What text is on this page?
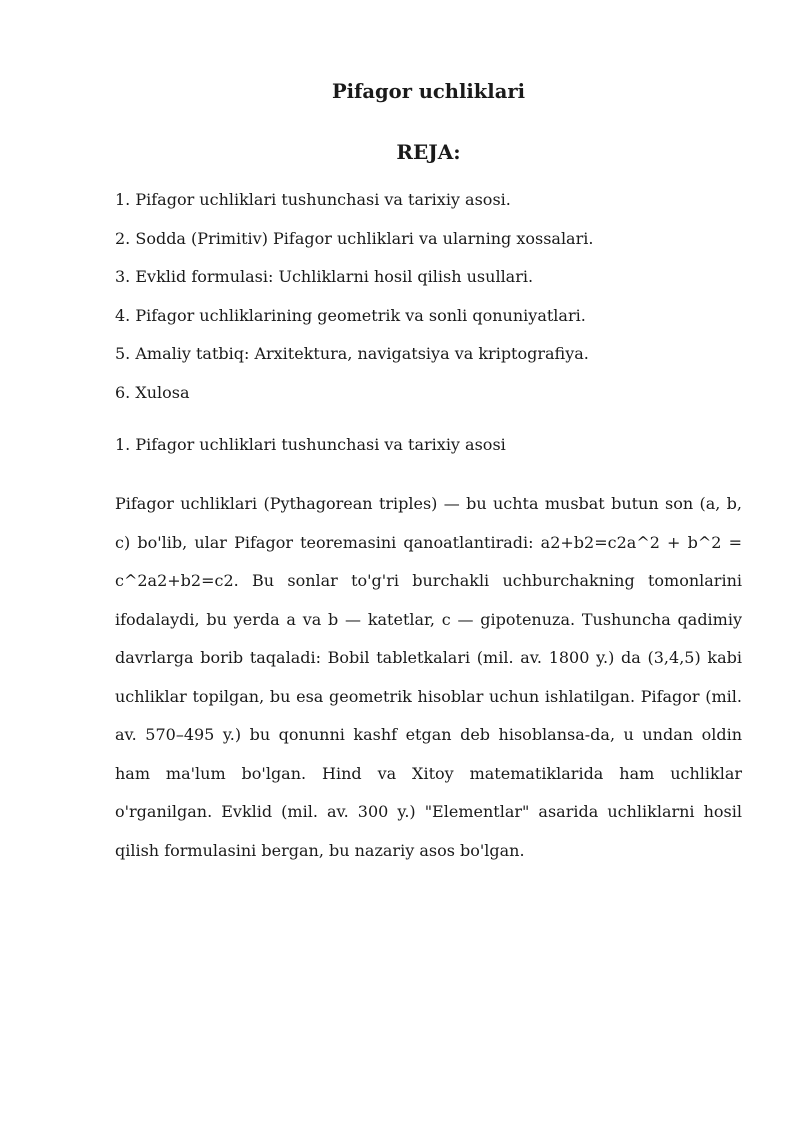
Pifagor uchliklari
REJA:
1. Pifagor uchliklari tushunchasi va tarixiy asosi.
2. Sodda (Primitiv) Pifagor uchliklari va ularning xossalari.
3. Evklid formulasi: Uchliklarni hosil qilish usullari.
4. Pifagor uchliklarining geometrik va sonli qonuniyatlari.
5. Amaliy tatbiq: Arxitektura, navigatsiya va kriptografiya.
6. Xulosa
1. Pifagor uchliklari tushunchasi va tarixiy asosi

Pifagor uchliklari (Pythagorean triples) — bu uchta musbat butun son (a, b, c) bo'lib, ular Pifagor teoremasini qanoatlantiradi: a2+b2=c2a^2 + b^2 = c^2a2+b2=c2. Bu sonlar to'g'ri burchakli uchburchakning tomonlarini ifodalaydi, bu yerda a va b — katetlar, c — gipotenuza. Tushuncha qadimiy davrlarga borib taqaladi: Bobil tabletkalari (mil. av. 1800 y.) da (3,4,5) kabi uchliklar topilgan, bu esa geometrik hisoblar uchun ishlatilgan. Pifagor (mil. av. 570–495 y.) bu qonunni kashf etgan deb hisoblansa-da, u undan oldin ham ma'lum bo'lgan. Hind va Xitoy matematiklarida ham uchliklar o'rganilgan. Evklid (mil. av. 300 y.) "Elementlar" asarida uchliklarni hosil qilish formulasini bergan, bu nazariy asos bo'lgan.
